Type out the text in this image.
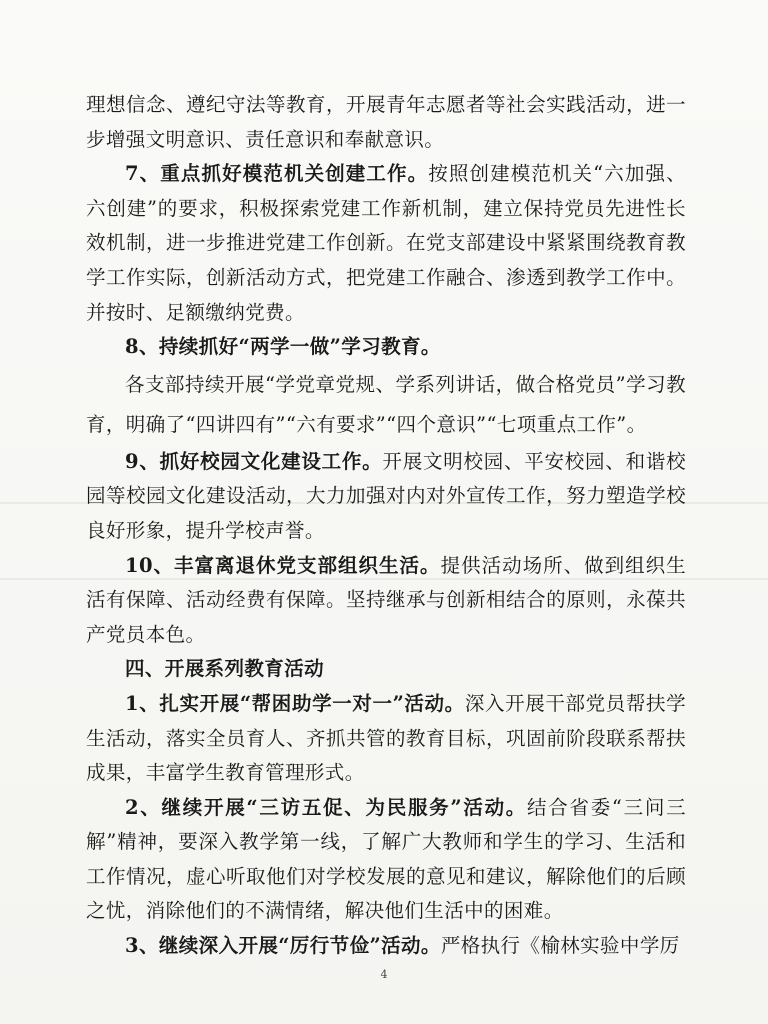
理想信念、遵纪守法等教育，开展青年志愿者等社会实践活动，进一步增强文明意识、责任意识和奉献意识。

7、重点抓好模范机关创建工作。按照创建模范机关“六加强、六创建”的要求，积极探索党建工作新机制，建立保持党员先进性长效机制，进一步推进党建工作创新。在党支部建设中紧紧围绕教育教学工作实际，创新活动方式，把党建工作融合、渗透到教学工作中。并按时、足额缴纳党费。

8、持续抓好“两学一做”学习教育。

各支部持续开展“学党章党规、学系列讲话，做合格党员”学习教育，明确了“四讲四有”“六有要求”“四个意识”“七项重点工作”。

9、抓好校园文化建设工作。开展文明校园、平安校园、和谐校园等校园文化建设活动，大力加强对内对外宣传工作，努力塑造学校良好形象，提升学校声誉。

10、丰富离退休党支部组织生活。提供活动场所、做到组织生活有保障、活动经费有保障。坚持继承与创新相结合的原则，永葆共产党员本色。

四、开展系列教育活动

1、扎实开展“帮困助学一对一”活动。深入开展干部党员帮扶学生活动，落实全员育人、齐抓共管的教育目标，巩固前阶段联系帮扶成果，丰富学生教育管理形式。

2、继续开展“三访五促、为民服务”活动。结合省委“三问三解”精神，要深入教学第一线，了解广大教师和学生的学习、生活和工作情况，虚心听取他们对学校发展的意见和建议，解除他们的后顾之忧，消除他们的不满情绪，解决他们生活中的困难。

3、继续深入开展“厉行节俭”活动。严格执行《榆林实验中学厉

4
